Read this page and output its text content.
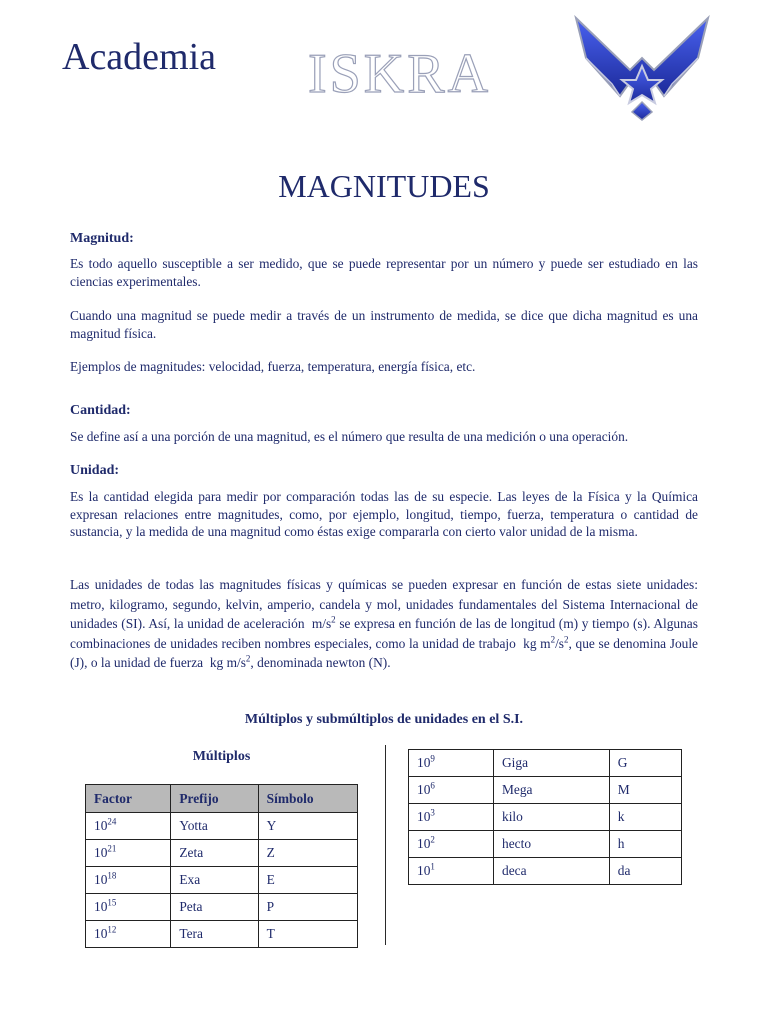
Academia ISKRA
MAGNITUDES
Magnitud:
Es todo aquello susceptible a ser medido, que se puede representar por un número y puede ser estudiado en las ciencias experimentales.
Cuando una magnitud se puede medir a través de un instrumento de medida, se dice que dicha magnitud es una magnitud física.
Ejemplos de magnitudes: velocidad, fuerza, temperatura, energía física, etc.
Cantidad:
Se define así a una porción de una magnitud, es el número que resulta de una medición o una operación.
Unidad:
Es la cantidad elegida para medir por comparación todas las de su especie. Las leyes de la Física y la Química expresan relaciones entre magnitudes, como, por ejemplo, longitud, tiempo, fuerza, temperatura o cantidad de sustancia, y la medida de una magnitud como éstas exige compararla con cierto valor unidad de la misma.
Las unidades de todas las magnitudes físicas y químicas se pueden expresar en función de estas siete unidades: metro, kilogramo, segundo, kelvin, amperio, candela y mol, unidades fundamentales del Sistema Internacional de unidades (SI). Así, la unidad de aceleración $m/s^2$ se expresa en función de las de longitud (m) y tiempo (s). Algunas combinaciones de unidades reciben nombres especiales, como la unidad de trabajo kg $m^2/s^2$, que se denomina Joule (J), o la unidad de fuerza kg $m/s^2$, denominada newton (N).
Múltiplos y submúltiplos de unidades en el S.I.
Múltiplos
Factor	Prefijo	Símbolo
$10^{24}$	Yotta	Y
$10^{21}$	Zeta	Z
$10^{18}$	Exa	E
$10^{15}$	Peta	P
$10^{12}$	Tera	T
$10^9$	Giga	G
$10^6$	Mega	M
$10^3$	kilo	k
$10^2$	hecto	h
$10^1$	deca	da
